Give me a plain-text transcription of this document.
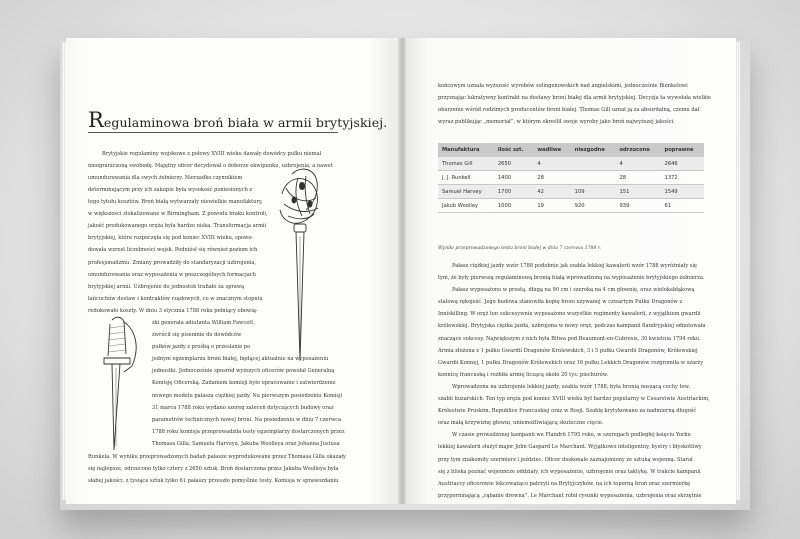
Regulaminowa broń biała w armii brytyjskiej.
Brytyjskie regulaminy wojskowe z połowy XVIII wieku dawały dowódcy pułku niemal
nieograniczoną swobodę. Majętny oficer decydował o doborze ekwipunku, uzbrojenia, a nawet
umundurowania dla swych żołnierzy. Nierzadko czynnikiem
determinującym przy ich zakupie była wysokość poniesionych z
tego tytułu kosztów. Broń białą wytwarzały niewielkie manufaktury,
w większości zlokalizowane w Birmingham. Z powodu braku kontroli,
jakość produkowanego oręża była bardzo niska. Transformacja armii
brytyjskiej, która rozpoczęła się pod koniec XVIII wieku, spowo-
dowała wzrost liczebności wojsk. Podniósł się również poziom ich
profesjonalizmu. Zmiany prowadziły do standaryzacji uzbrojenia,
umundurowania oraz wyposażenia w poszczególnych formacjach
brytyjskiej armii. Uzbrojenie do jednostek trafiało za sprawą
łańcuchów dostaw i kontraktów rządowych, co w znacznym stopniu
redukowało koszty. W dniu 3 stycznia 1788 roku pełniący obowią-
zki generała adiutanta William Fawcett,
zwrócił się pisemnie do dowódców
pułków jazdy z prośbą o przesłanie po
jednym egzemplarzu broni białej, będącej aktualnie na wyposażeniu
jednostki. Jednocześnie sposród wyższych oficerów powołał Generalną
Komisję Oficerską. Zadaniem komisji było opracowanie i zatwierdzenie
nowego modelu pałasza ciężkiej jazdy. Na pierwszym posiedzeniu Komisji
31 marca 1788 roku wydano szereg zaleceń dotyczących budowy oraz
parametrów technicznych nowej broni. Na posiedzeniu w dniu 7 czerwca
1788 roku komisja przeprowadziła testy egzemplarzy dostarczonych przez
Thomasa Gilla, Samuela Harveya, Jakuba Woolleya oraz Johanna Justusa
Runkela. W wyniku przeprowadzonych badań pałasze wyprodukowane przez Thomasa Gilla okazały
się najlepsze, odrzucono tylko cztery z 2650 sztuk. Broń dostarczona przez Jakuba Woolleya była
słabej jakości, z tysiąca sztuk tylko 61 pałaszy przeszło pomyślnie testy. Komisja w sprawozdaniu
końcowym uznała wyższość wyrobów solingenowskich nad angielskimi, jednocześnie Bienkelowi
przyznając lukratywny kontrakt na dostawy broni białej dla armii brytyjskiej. Decyzja ta wywołała wielkie
oburzenie wśród rodzimych producentów broni białej. Thomas Gill uznał ją za absurdalną, czemu dał
wyraz publikując „memoriał”, w którym określił swoje wyroby jako broń najwyższej jakości.
Manufaktura	ilość szt.	wadliwe	niezgodne	odrzucone	poprawne
Thomas Gill	2650	4		4	2646
J. J. Runkell	1400	28		28	1372
Samuel Harvey	1700	42	109	151	1549
Jakub Woolley	1000	19	920	939	61
Wyniki przeprowadzonego testu broni białej w dniu 7 czerwca 1788 r.
Pałasz ciężkiej jazdy wzór 1788 podobnie jak szabla lekkiej kawalerii wzór 1788 wyróżniały się
tym, że były pierwszą regulaminową bronią białą wprowadzoną na wyposażenie brytyjskiego żołnierza.
Pałasz wyposażono w prostą, długą na 90 cm i szeroką na 4 cm głownię, oraz wielokabłąkową
stalową rękojeść. Jego budowa stanowiła kopię broni używanej w czwartym Pułku Dragonów z
Inniskilling. W oręż ten sukcesywnie wyposażono wszystkie regimenty kawalerii, z wyjątkiem gwardii
królewskiej. Brytyjska ciężka jazda, uzbrojona w nowy oręż, podczas kampanii flandryjskiej odnotowała
znaczące sukcesy. Największym z nich była Bitwa pod Beaumont-en-Cubresis, 30 kwietnia 1794 roku.
Armia złożona z 1 pułku Gwardii Dragonów Królewskich, 3 i 5 pułku Gwardii Dragonów, Królewskiej
Gwardii Konnej, 1 pułku Dragonów Królewskich oraz 16 pułku Lekkich Dragonów rozgromiła w szarży
konnicę francuską i rozbiła armię liczącą około 20 tys. piechurów.
Wprowadzona na uzbrojenie lekkiej jazdy, szabla wzór 1788, była bronią noszącą cechy tow.
szabli huzarskich. Ten typ oręża pod koniec XVIII wieku był bardzo popularny w Cesarstwie Austriackim,
Królestwie Pruskim, Republice Francuskiej oraz w Rosji. Szablę krytykowano za nadmierną długość
oraz małą krzywiznę głowni, uniemożliwiającą skuteczne cięcie.
W czasie prowadzonej kampanii we Flandrii 1795 roku, w szeregach podległej księciu Yorku
lekkiej kawalerii służył major John Gaspard Le Marchant. Wyjątkowo inteligentny, bystry i błyskotliwy
przy tym znakomity szermierz i jeździec. Oficer doskonale zaznajomiony ze sztuką wojenną. Starał
się z bliska poznać wojenncze oddziały, ich wyposażenie, uzbrojenie oraz taktykę. W trakcie kampanii
Austriaccy oficerowie lekceważąco patrzyli na Brytyjczyków, na ich toporną broń oraz szermierkę
przyporninającą „rąbanie drewna”. Le Marchant robił rysunki wyposażenia, uzbrojenia oraz skrzętnie
